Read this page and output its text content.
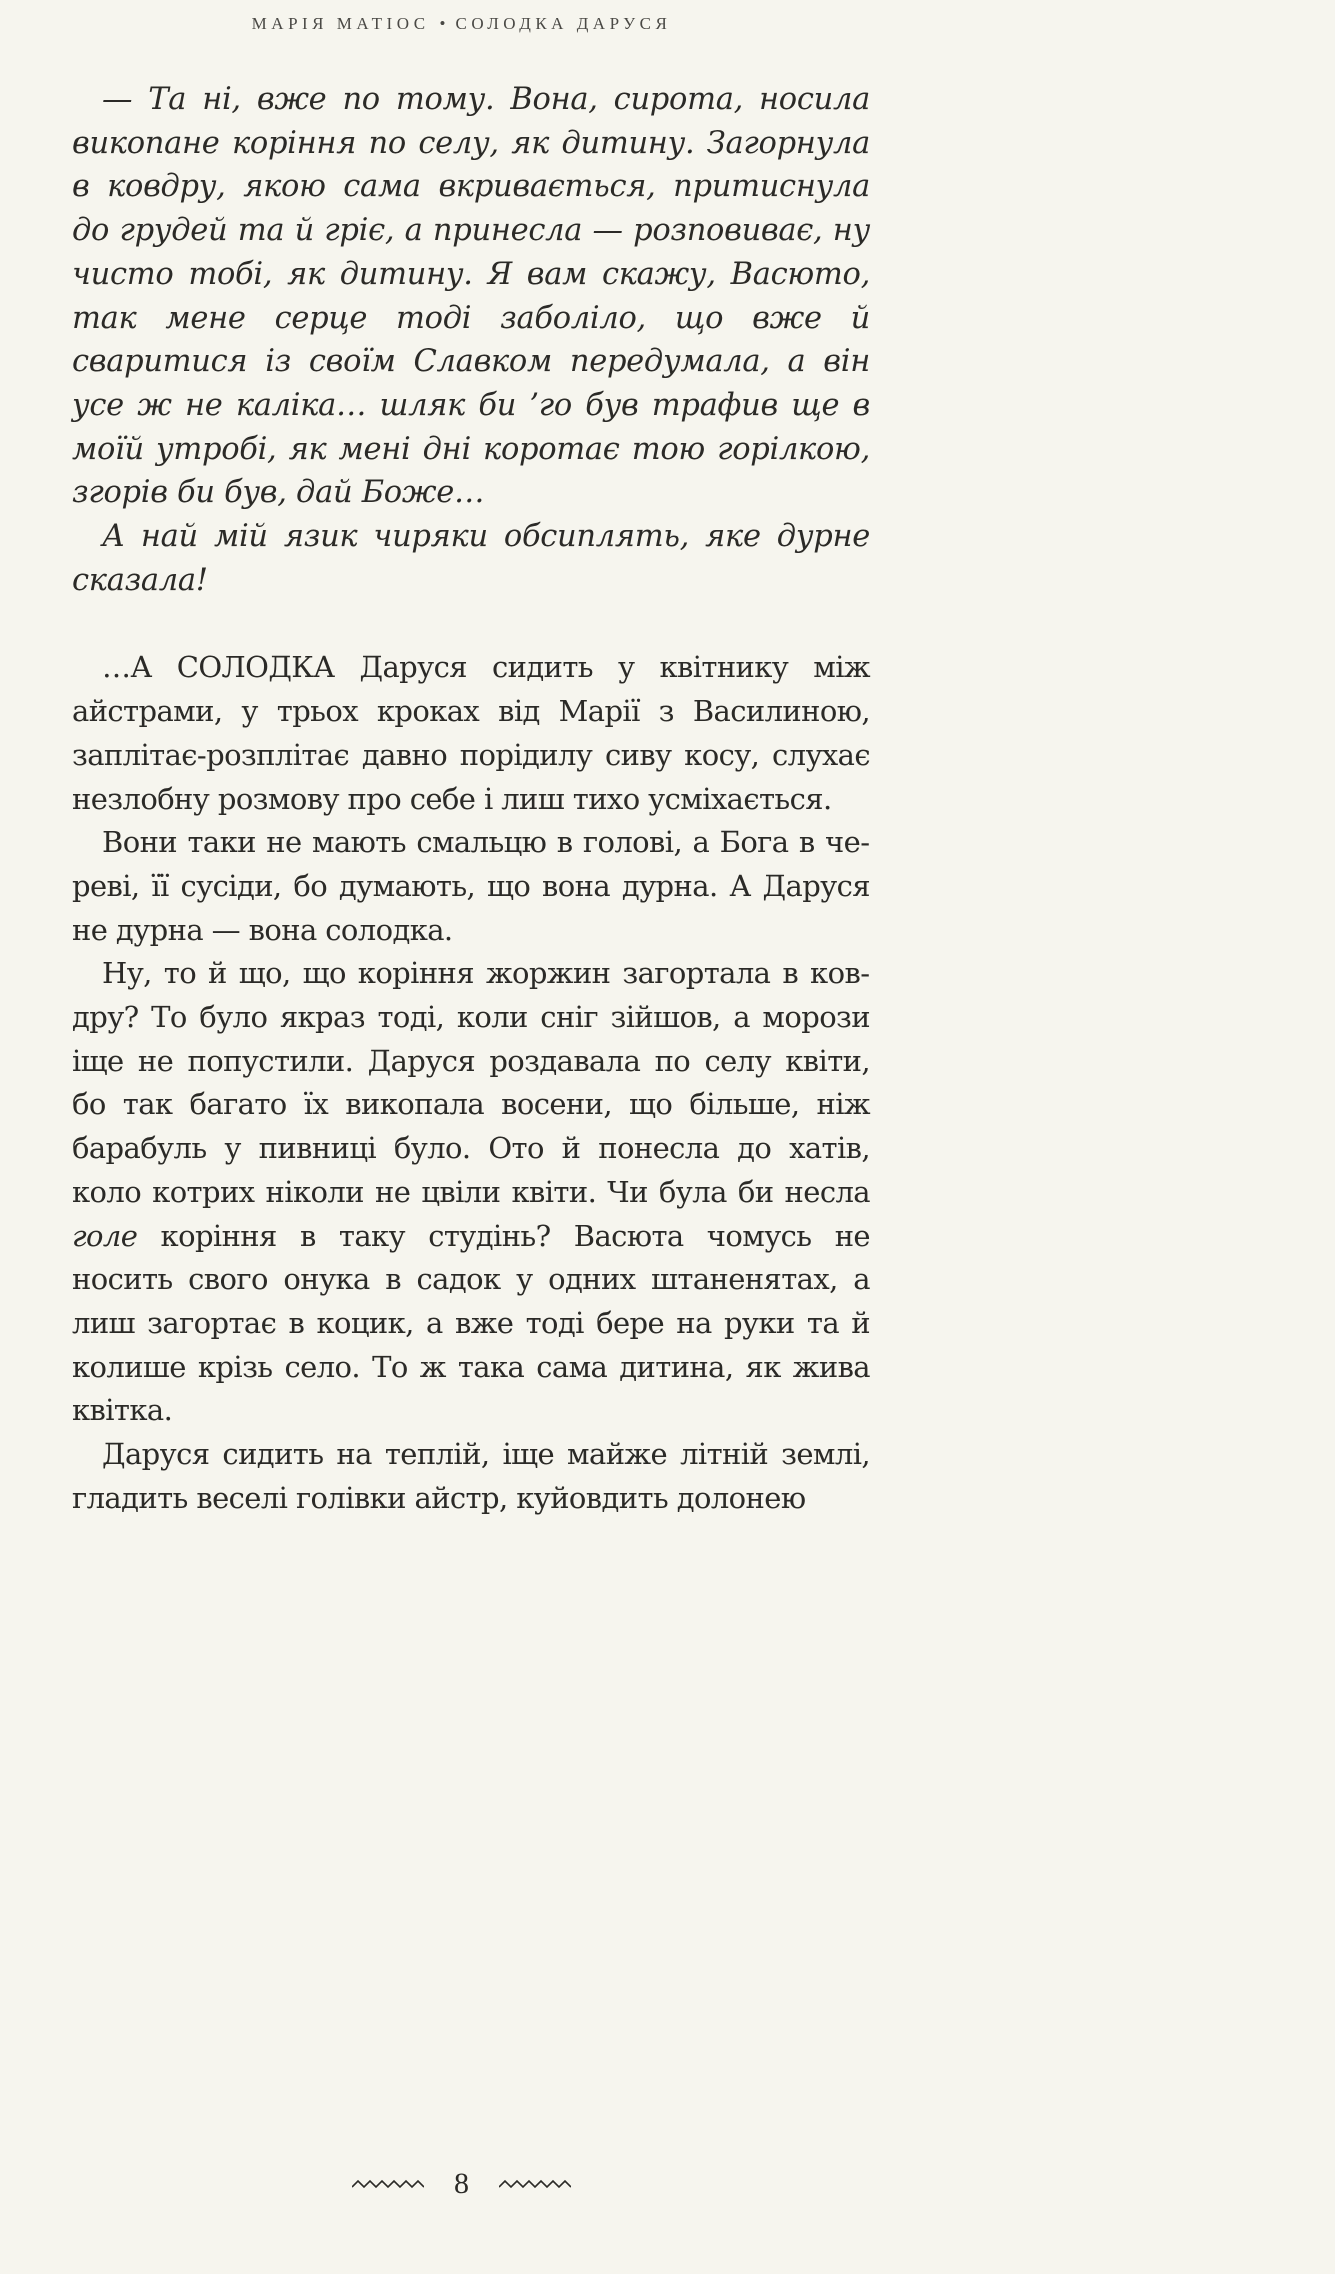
МАРІЯ МАТІОС • СОЛОДКА ДАРУСЯ

— Та ні, вже по тому. Вона, сирота, носила викопане коріння по селу, як дитину. Загорнула в ковдру, якою сама вкривається, притиснула до грудей та й гріє, а принесла — розповиває, ну чисто тобі, як дитину. Я вам скажу, Васюто, так мене серце тоді заболіло, що вже й сваритися із своїм Славком передумала, а він усе ж не каліка… шляк би ’го був трафив ще в моїй утробі, як мені дні коротає тою горілкою, згорів би був, дай Боже…

А най мій язик чиряки обсиплять, яке дурне сказала!

…А СОЛОДКА Даруся сидить у квітнику між айстрами, у трьох кроках від Марії з Василиною, заплітає-розплітає давно порідилу сиву косу, слухає незлобну розмову про себе і лиш тихо усміхається.

Вони таки не мають смальцю в голові, а Бога в череві, її сусіди, бо думають, що вона дурна. А Даруся не дурна — вона солодка.

Ну, то й що, що коріння жоржин загортала в ковдру? То було якраз тоді, коли сніг зійшов, а морози іще не попустили. Даруся роздавала по селу квіти, бо так багато їх викопала восени, що більше, ніж барабуль у пивниці було. Ото й понесла до хатів, коло котрих ніколи не цвіли квіти. Чи була би несла голе коріння в таку студінь? Васюта чомусь не носить свого онука в садок у одних штаненятах, а лиш загортає в коцик, а вже тоді бере на руки та й колише крізь село. То ж така сама дитина, як жива квітка.

Даруся сидить на теплій, іще майже літній землі, гладить веселі голівки айстр, куйовдить долонею

8
